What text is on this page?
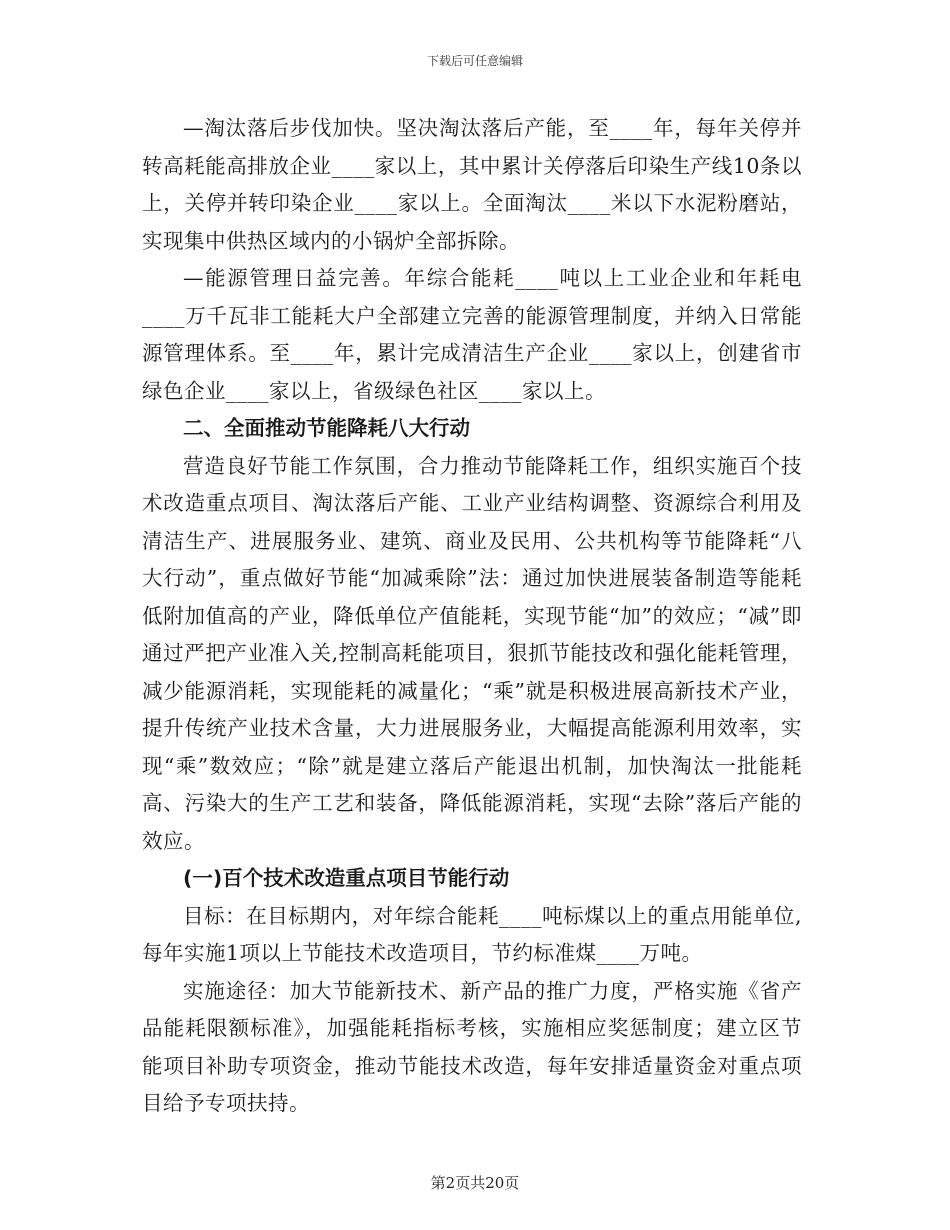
下载后可任意编辑

—淘汰落后步伐加快。坚决淘汰落后产能，至____年，每年关停并转高耗能高排放企业____家以上，其中累计关停落后印染生产线10条以上，关停并转印染企业____家以上。全面淘汰____米以下水泥粉磨站，实现集中供热区域内的小锅炉全部拆除。

—能源管理日益完善。年综合能耗____吨以上工业企业和年耗电____万千瓦非工能耗大户全部建立完善的能源管理制度，并纳入日常能源管理体系。至____年，累计完成清洁生产企业____家以上，创建省市绿色企业____家以上，省级绿色社区____家以上。

二、全面推动节能降耗八大行动

营造良好节能工作氛围，合力推动节能降耗工作，组织实施百个技术改造重点项目、淘汰落后产能、工业产业结构调整、资源综合利用及清洁生产、进展服务业、建筑、商业及民用、公共机构等节能降耗“八大行动”，重点做好节能“加减乘除”法：通过加快进展装备制造等能耗低附加值高的产业，降低单位产值能耗，实现节能“加”的效应；“减”即通过严把产业准入关,控制高耗能项目，狠抓节能技改和强化能耗管理，减少能源消耗，实现能耗的减量化；“乘”就是积极进展高新技术产业，提升传统产业技术含量，大力进展服务业，大幅提高能源利用效率，实现“乘”数效应；“除”就是建立落后产能退出机制，加快淘汰一批能耗高、污染大的生产工艺和装备，降低能源消耗，实现“去除”落后产能的效应。

(一)百个技术改造重点项目节能行动

目标：在目标期内，对年综合能耗____吨标煤以上的重点用能单位,每年实施1项以上节能技术改造项目，节约标准煤____万吨。

实施途径：加大节能新技术、新产品的推广力度，严格实施《省产品能耗限额标准》，加强能耗指标考核，实施相应奖惩制度；建立区节能项目补助专项资金，推动节能技术改造，每年安排适量资金对重点项目给予专项扶持。

第2页共20页
